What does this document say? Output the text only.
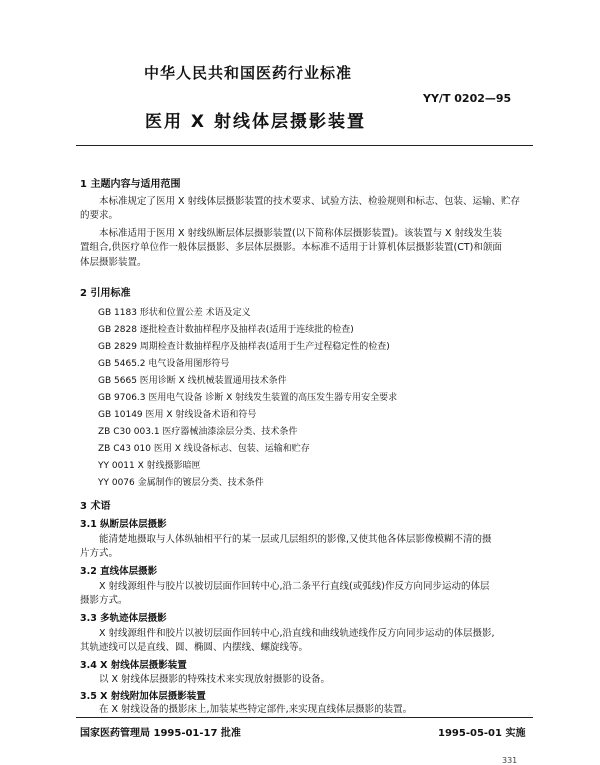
中华人民共和国医药行业标准
YY/T 0202—95
医用 X 射线体层摄影装置
1 主题内容与适用范围
本标准规定了医用 X 射线体层摄影装置的技术要求、试验方法、检验规则和标志、包装、运输、贮存
的要求。
本标准适用于医用 X 射线纵断层体层摄影装置(以下简称体层摄影装置)。该装置与 X 射线发生装
置组合,供医疗单位作一般体层摄影、多层体层摄影。本标准不适用于计算机体层摄影装置(CT)和颌面
体层摄影装置。
2 引用标准
GB 1183 形状和位置公差 术语及定义
GB 2828 逐批检查计数抽样程序及抽样表(适用于连续批的检查)
GB 2829 周期检查计数抽样程序及抽样表(适用于生产过程稳定性的检查)
GB 5465.2 电气设备用图形符号
GB 5665 医用诊断 X 线机械装置通用技术条件
GB 9706.3 医用电气设备 诊断 X 射线发生装置的高压发生器专用安全要求
GB 10149 医用 X 射线设备术语和符号
ZB C30 003.1 医疗器械油漆涂层分类、技术条件
ZB C43 010 医用 X 线设备标志、包装、运输和贮存
YY 0011 X 射线摄影暗匣
YY 0076 金属制作的镀层分类、技术条件
3 术语
3.1 纵断层体层摄影
能清楚地摄取与人体纵轴相平行的某一层或几层组织的影像,又使其他各体层影像模糊不清的摄
片方式。
3.2 直线体层摄影
X 射线源组件与胶片以被切层面作回转中心,沿二条平行直线(或弧线)作反方向同步运动的体层
摄影方式。
3.3 多轨迹体层摄影
X 射线源组件和胶片以被切层面作回转中心,沿直线和曲线轨迹线作反方向同步运动的体层摄影,
其轨迹线可以是直线、圆、椭圆、内摆线、螺旋线等。
3.4 X 射线体层摄影装置
以 X 射线体层摄影的特殊技术来实现放射摄影的设备。
3.5 X 射线附加体层摄影装置
在 X 射线设备的摄影床上,加装某些特定部件,来实现直线体层摄影的装置。
国家医药管理局 1995-01-17 批准	1995-05-01 实施
331
